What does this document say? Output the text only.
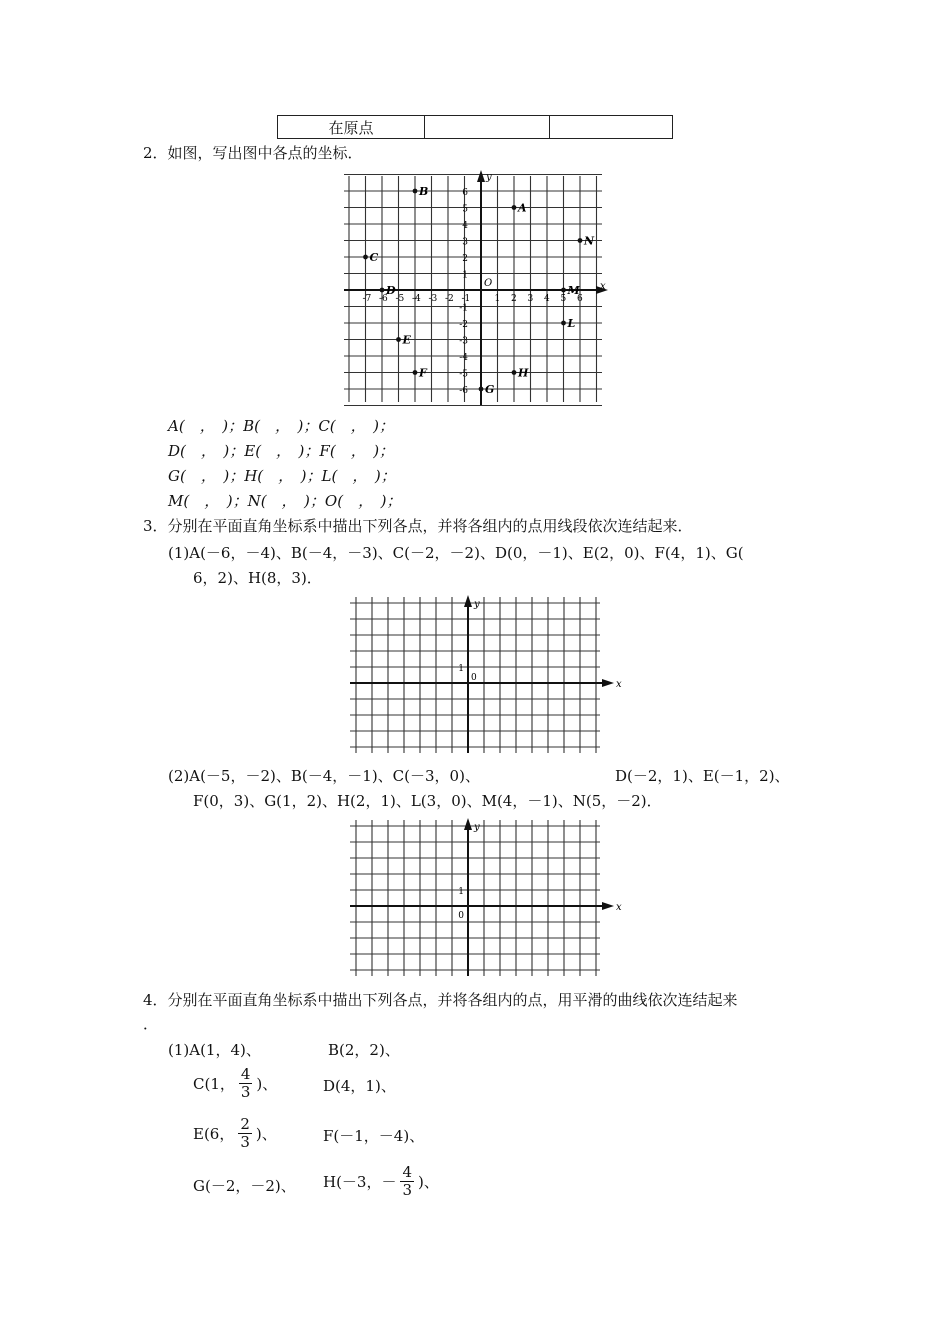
在原点		
2．如图，写出图中各点的坐标．
x
y
O
-7 -6 -5 -4 -3 -2 -1	1 2 3 4 5 6
6
5
4
3
2
1
-1
-2
-3
-4
-5
-6
A
B
C
D
E
F
G
H
L
M
N
A(　，　)；B(　，　)；C(　，　)；
D(　，　)；E(　，　)；F(　，　)；
G(　，　)；H(　，　)；L(　，　)；
M(　，　)；N(　，　)；O(　，　)；
3．分别在平面直角坐标系中描出下列各点，并将各组内的点用线段依次连结起来．
(1)A(－6，－4)、B(－4，－3)、C(－2，－2)、D(0，－1)、E(2，0)、F(4，1)、G(
6，2)、H(8，3)．
x
y
1
0
(2)A(－5，－2)、B(－4，－1)、C(－3，0)、	D(－2，1)、E(－1，2)、
F(0，3)、G(1，2)、H(2，1)、L(3，0)、M(4，－1)、N(5，－2)．
x
y
1
0
4．分别在平面直角坐标系中描出下列各点，并将各组内的点，用平滑的曲线依次连结起来
．
(1)A(1，4)、	B(2，2)、
C(1， $\frac{4}{3}$ )、	D(4，1)、
E(6， $\frac{2}{3}$ )、	F(－1，－4)、
G(－2，－2)、 H(－3，－ $\frac{4}{3}$ )、
